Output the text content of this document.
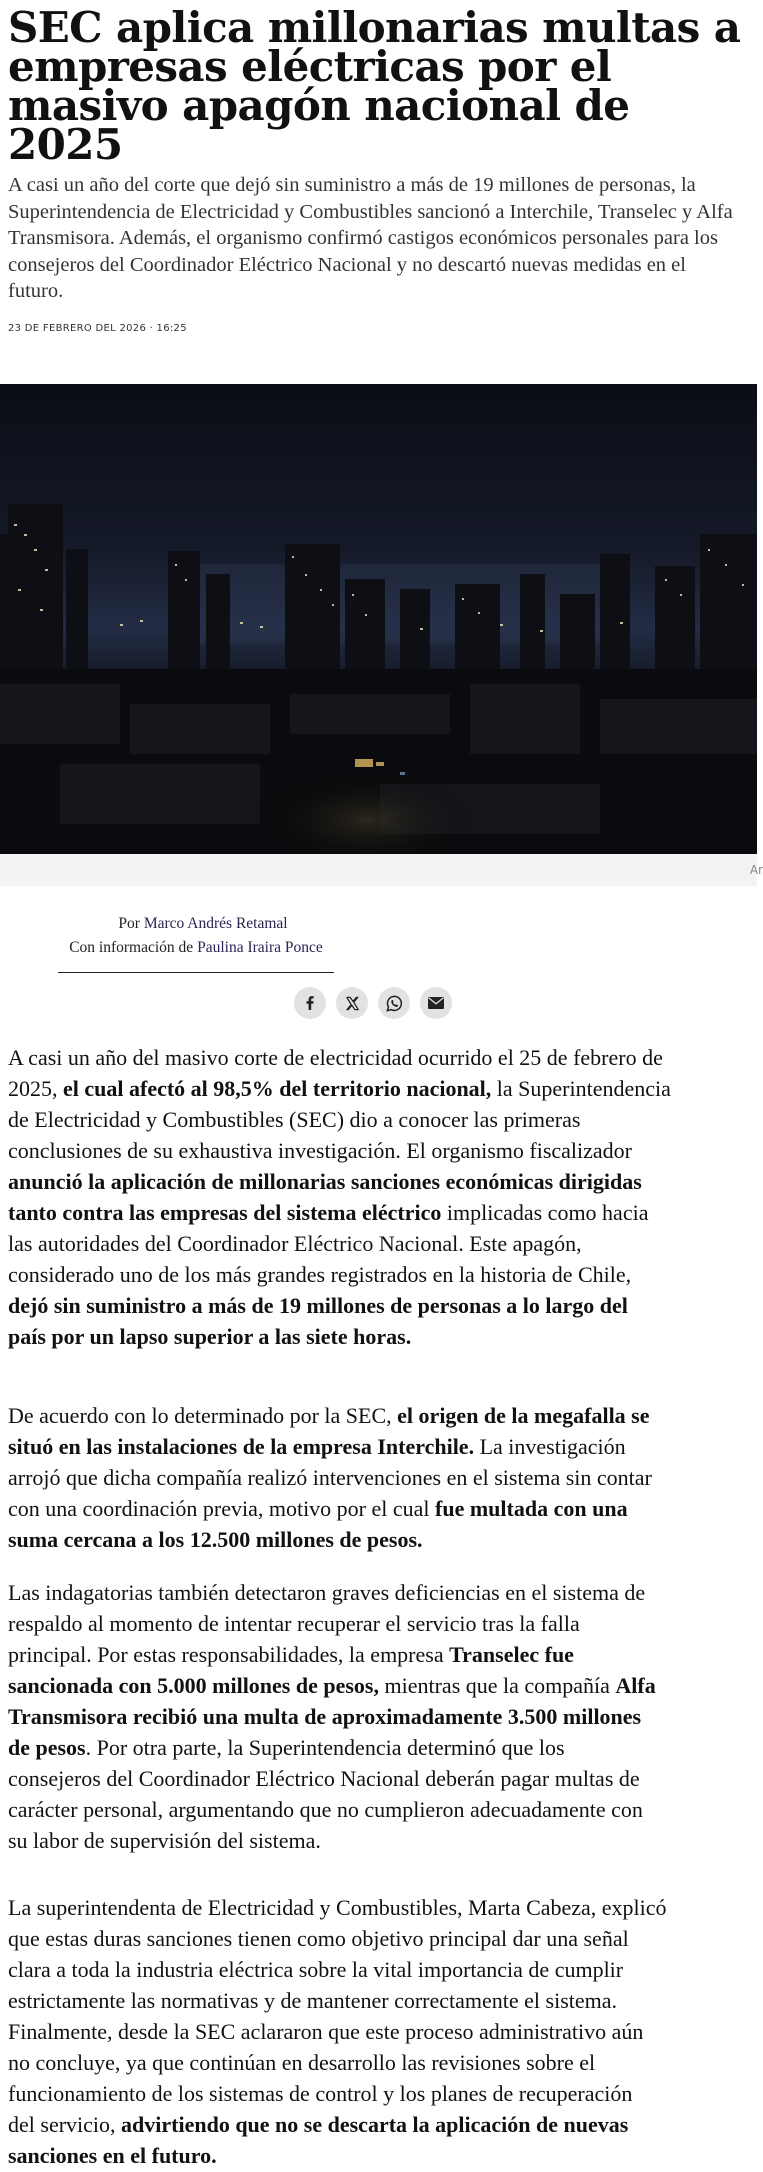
SEC aplica millonarias multas a empresas eléctricas por el masivo apagón nacional de 2025

A casi un año del corte que dejó sin suministro a más de 19 millones de personas, la
Superintendencia de Electricidad y Combustibles sancionó a Interchile, Transelec y Alfa
Transmisora. Además, el organismo confirmó castigos económicos personales para los
consejeros del Coordinador Eléctrico Nacional y no descartó nuevas medidas en el
futuro.

23 DE FEBRERO DEL 2026 · 16:25

Ar
Por Marco Andrés Retamal
Con información de Paulina Iraira Ponce

A casi un año del masivo corte de electricidad ocurrido el 25 de febrero de
2025, el cual afectó al 98,5% del territorio nacional, la Superintendencia
de Electricidad y Combustibles (SEC) dio a conocer las primeras
conclusiones de su exhaustiva investigación. El organismo fiscalizador
anunció la aplicación de millonarias sanciones económicas dirigidas
tanto contra las empresas del sistema eléctrico implicadas como hacia
las autoridades del Coordinador Eléctrico Nacional. Este apagón,
considerado uno de los más grandes registrados en la historia de Chile,
dejó sin suministro a más de 19 millones de personas a lo largo del
país por un lapso superior a las siete horas.

De acuerdo con lo determinado por la SEC, el origen de la megafalla se
situó en las instalaciones de la empresa Interchile. La investigación
arrojó que dicha compañía realizó intervenciones en el sistema sin contar
con una coordinación previa, motivo por el cual fue multada con una
suma cercana a los 12.500 millones de pesos.

Las indagatorias también detectaron graves deficiencias en el sistema de
respaldo al momento de intentar recuperar el servicio tras la falla
principal. Por estas responsabilidades, la empresa Transelec fue
sancionada con 5.000 millones de pesos, mientras que la compañía Alfa
Transmisora recibió una multa de aproximadamente 3.500 millones
de pesos. Por otra parte, la Superintendencia determinó que los
consejeros del Coordinador Eléctrico Nacional deberán pagar multas de
carácter personal, argumentando que no cumplieron adecuadamente con
su labor de supervisión del sistema.

La superintendenta de Electricidad y Combustibles, Marta Cabeza, explicó
que estas duras sanciones tienen como objetivo principal dar una señal
clara a toda la industria eléctrica sobre la vital importancia de cumplir
estrictamente las normativas y de mantener correctamente el sistema.
Finalmente, desde la SEC aclararon que este proceso administrativo aún
no concluye, ya que continúan en desarrollo las revisiones sobre el
funcionamiento de los sistemas de control y los planes de recuperación
del servicio, advirtiendo que no se descarta la aplicación de nuevas
sanciones en el futuro.
